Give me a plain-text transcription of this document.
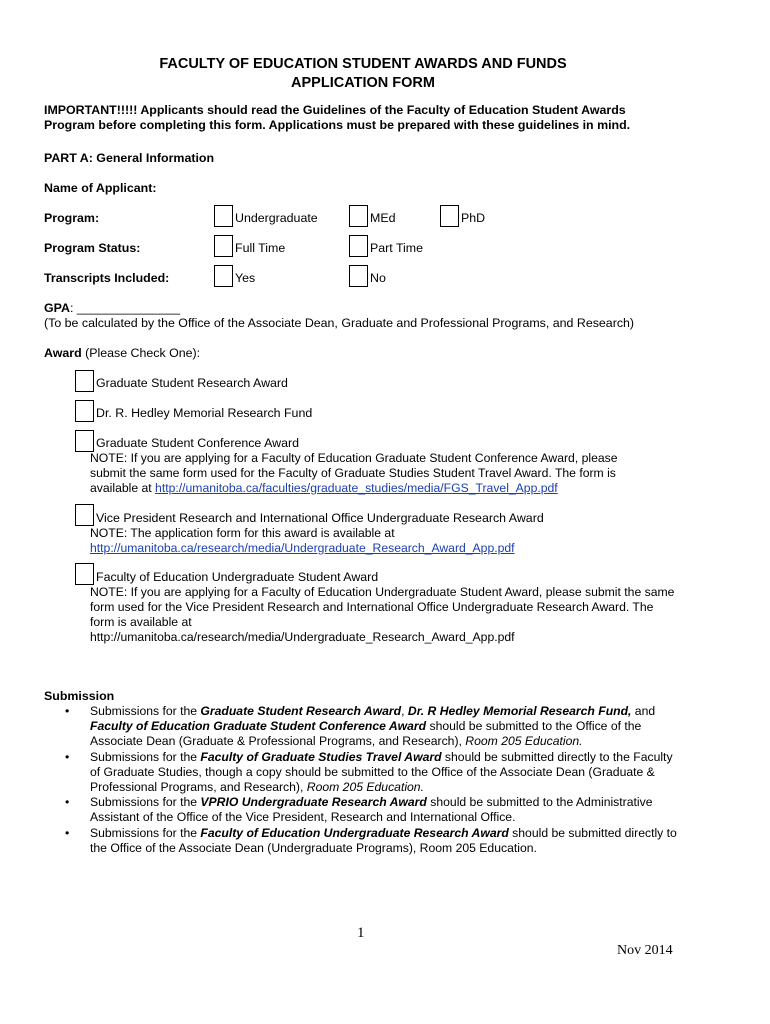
FACULTY OF EDUCATION STUDENT AWARDS AND FUNDS
APPLICATION FORM
IMPORTANT!!!!! Applicants should read the Guidelines of the Faculty of Education Student Awards
Program before completing this form. Applications must be prepared with these guidelines in mind.
PART A: General Information
Name of Applicant:
Program:	Undergraduate	MEd	PhD
Program Status:	Full Time	Part Time
Transcripts Included:	Yes	No
GPA: _______________
(To be calculated by the Office of the Associate Dean, Graduate and Professional Programs, and Research)
Award (Please Check One):
Graduate Student Research Award
Dr. R. Hedley Memorial Research Fund
Graduate Student Conference Award
NOTE: If you are applying for a Faculty of Education Graduate Student Conference Award, please submit the same form used for the Faculty of Graduate Studies Student Travel Award. The form is
available at http://umanitoba.ca/faculties/graduate_studies/media/FGS_Travel_App.pdf
Vice President Research and International Office Undergraduate Research Award
NOTE: The application form for this award is available at
http://umanitoba.ca/research/media/Undergraduate_Research_Award_App.pdf
Faculty of Education Undergraduate Student Award
NOTE: If you are applying for a Faculty of Education Undergraduate Student Award, please submit the same form used for the Vice President Research and International Office Undergraduate Research Award. The form is available at
http://umanitoba.ca/research/media/Undergraduate_Research_Award_App.pdf
Submission
• Submissions for the Graduate Student Research Award, Dr. R Hedley Memorial Research Fund, and Faculty of Education Graduate Student Conference Award should be submitted to the Office of the Associate Dean (Graduate & Professional Programs, and Research), Room 205 Education.
• Submissions for the Faculty of Graduate Studies Travel Award should be submitted directly to the Faculty of Graduate Studies, though a copy should be submitted to the Office of the Associate Dean (Graduate & Professional Programs, and Research), Room 205 Education.
• Submissions for the VPRIO Undergraduate Research Award should be submitted to the Administrative Assistant of the Office of the Vice President, Research and International Office.
• Submissions for the Faculty of Education Undergraduate Research Award should be submitted directly to the Office of the Associate Dean (Undergraduate Programs), Room 205 Education.
1
Nov 2014
